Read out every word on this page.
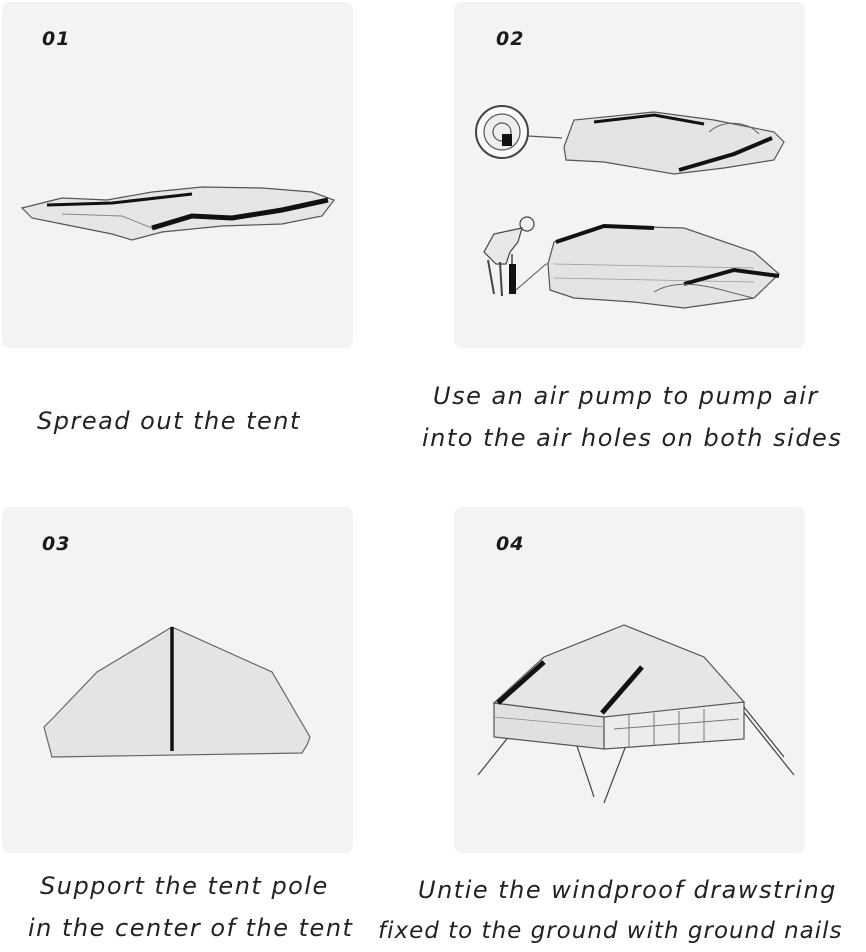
01	02
Spread out the tent
Use an air pump to pump air
into the air holes on both sides
03	04
Support the tent pole
in the center of the tent
Untie the windproof drawstring
fixed to the ground with ground nails
